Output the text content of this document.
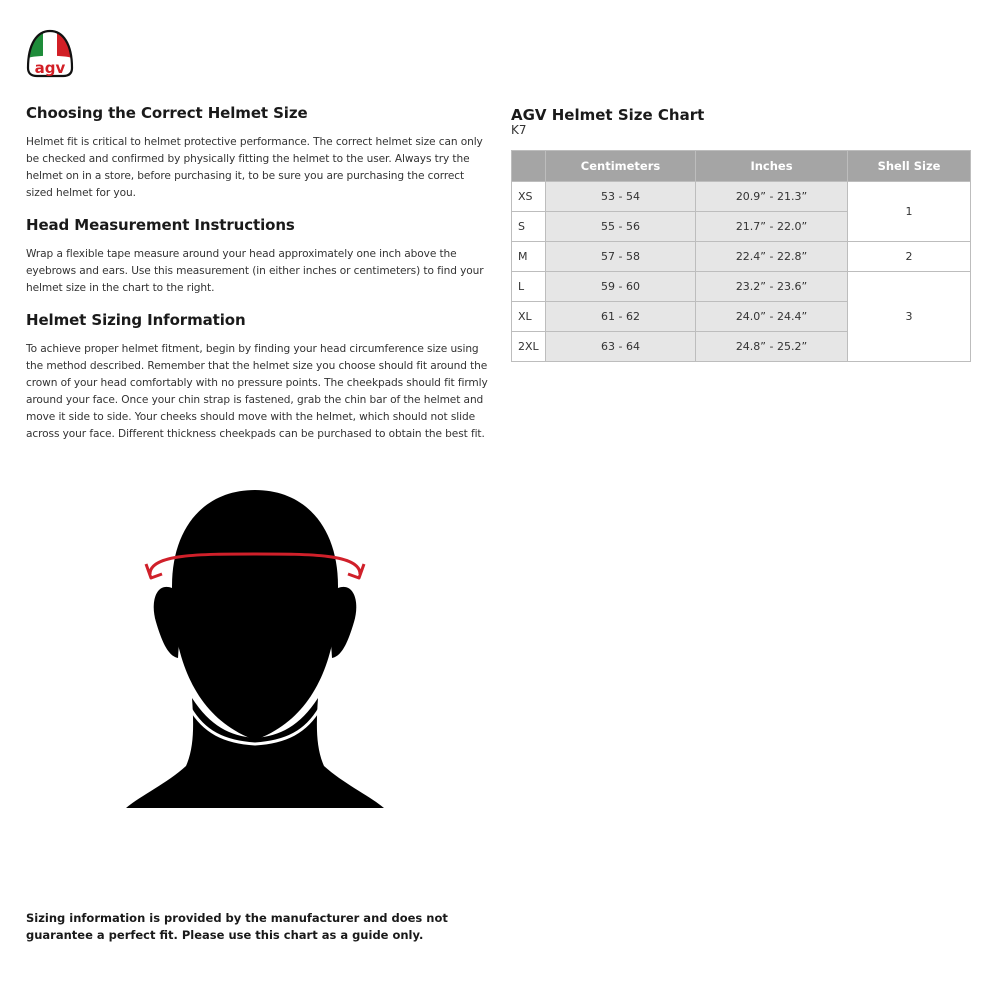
agv
Choosing the Correct Helmet Size

Helmet fit is critical to helmet protective performance. The correct helmet size can only be checked and confirmed by physically fitting the helmet to the user. Always try the helmet on in a store, before purchasing it, to be sure you are purchasing the correct sized helmet for you.

Head Measurement Instructions

Wrap a flexible tape measure around your head approximately one inch above the eyebrows and ears. Use this measurement (in either inches or centimeters) to find your helmet size in the chart to the right.

Helmet Sizing Information

To achieve proper helmet fitment, begin by finding your head circumference size using the method described. Remember that the helmet size you choose should fit around the crown of your head comfortably with no pressure points. The cheekpads should fit firmly around your face. Once your chin strap is fastened, grab the chin bar of the helmet and move it side to side. Your cheeks should move with the helmet, which should not slide across your face. Different thickness cheekpads can be purchased to obtain the best fit.

AGV Helmet Size Chart
K7
	Centimeters	Inches	Shell Size
XS	53 - 54	20.9” - 21.3”	1
S	55 - 56	21.7” - 22.0”	
M	57 - 58	22.4” - 22.8”	2
L	59 - 60	23.2” - 23.6”	3
XL	61 - 62	24.0” - 24.4”	
2XL	63 - 64	24.8” - 25.2”	
Sizing information is provided by the manufacturer and does not guarantee a perfect fit. Please use this chart as a guide only.
